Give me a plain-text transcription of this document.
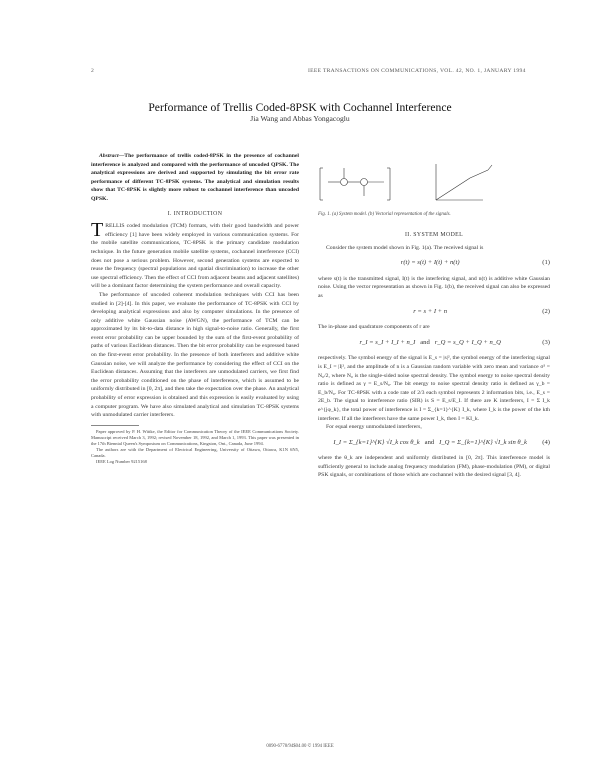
2	IEEE TRANSACTIONS ON COMMUNICATIONS, VOL. 42, NO. 1, JANUARY 1994
Performance of Trellis Coded-8PSK with Cochannel Interference
Jia Wang and Abbas Yongacoglu

Abstract—The performance of trellis coded-8PSK in the presence of cochannel interference is analyzed and compared with the performance of uncoded QPSK. The analytical expressions are derived and supported by simulating the bit error rate performance of different TC-8PSK systems. The analytical and simulation results show that TC-8PSK is slightly more robust to cochannel interference than uncoded QPSK.

I. INTRODUCTION

TRELLIS coded modulation (TCM) formats, with their good bandwidth and power efficiency [1] have been widely employed in various communication systems. For the mobile satellite communications, TC-8PSK is the primary candidate modulation technique. In the future generation mobile satellite systems, cochannel interference (CCI) does not pose a serious problem. However, second generation systems are expected to reuse the frequency (spectral populations and spatial discrimination) to increase the other use spectral efficiency. Then the effect of CCI from adjacent beams and adjacent satellites) will be a dominant factor determining the system performance and overall capacity.

The performance of uncoded coherent modulation techniques with CCI has been studied in [2]-[4]. In this paper, we evaluate the performance of TC-8PSK with CCI by developing analytical expressions and also by computer simulations. In the presence of only additive white Gaussian noise (AWGN), the performance of TCM can be approximated by its bit-to-data distance in high signal-to-noise ratio. Generally, the first event error probability can be upper bounded by the sum of the first-event probability of paths of various Euclidean distances. Then the bit error probability can be expressed based on the first-event error probability. In the presence of both interferers and additive white Gaussian noise, we will analyze the performance by considering the effect of CCI on the Euclidean distances. Assuming that the interferers are unmodulated carriers, we first find the error probability conditioned on the phase of interference, which is assumed to be uniformly distributed in [0, 2π], and then take the expectation over the phase. An analytical probability of error expression is obtained and this expression is easily evaluated by using a computer program. We have also simulated analytical and simulation TC-8PSK systems with unmodulated carrier interferers.

Paper approved by P. H. Wittke, the Editor for Communication Theory of the IEEE Communications Society. Manuscript received March 3, 1992; revised November 18, 1992, and March 1, 1993. This paper was presented in the 17th Biennial Queen's Symposium on Communications, Kingston, Ont., Canada, June 1994.

The authors are with the Department of Electrical Engineering, University of Ottawa, Ottawa, K1N 6N5, Canada.

IEEE Log Number 9215168

Fig. 1. (a) System model. (b) Vectorial representation of the signals.
II. SYSTEM MODEL

Consider the system model shown in Fig. 1(a). The received signal is

r(t) = s(t) + I(t) + n(t)	(1)

where s(t) is the transmitted signal, I(t) is the interfering signal, and n(t) is additive white Gaussian noise. Using the vector representation as shown in Fig. 1(b), the received signal can also be expressed as

r = s + I + n	(2)

The in-phase and quadrature components of r are

r_I = s_I + I_I + n_I and r_Q = s_Q + I_Q + n_Q	(3)

respectively. The symbol energy of the signal is E_s = |s|², the symbol energy of the interfering signal is E_I = |I|², and the amplitude of n is a Gaussian random variable with zero mean and variance σ² = N₀/2, where N₀ is the single-sided noise spectral density. The symbol energy to noise spectral density ratio is defined as γ = E_s/N₀. The bit energy to noise spectral density ratio is defined as γ_b = E_b/N₀. For TC-8PSK with a code rate of 2/3 each symbol represents 2 information bits, i.e., E_s = 2E_b. The signal to interference ratio (SIR) is S = E_s/E_I. If there are K interferers, I = Σ I_k e^{jφ_k}, the total power of interference is I = Σ_{k=1}^{K} I_k, where I_k is the power of the kth interferer. If all the interferers have the same power I_k, then I = KI_k.

For equal energy unmodulated interferers,

I_I = Σ_{k=1}^{K} √I_k cos θ_k and I_Q = Σ_{k=1}^{K} √I_k sin θ_k	(4)

where the θ_k are independent and uniformly distributed in [0, 2π]. This interference model is sufficiently general to include analog frequency modulation (FM), phase-modulation (PM), or digital PSK signals, or combinations of those which are cochannel with the desired signal [3, 4].

0090-6778/94$04.00 © 1994 IEEE
